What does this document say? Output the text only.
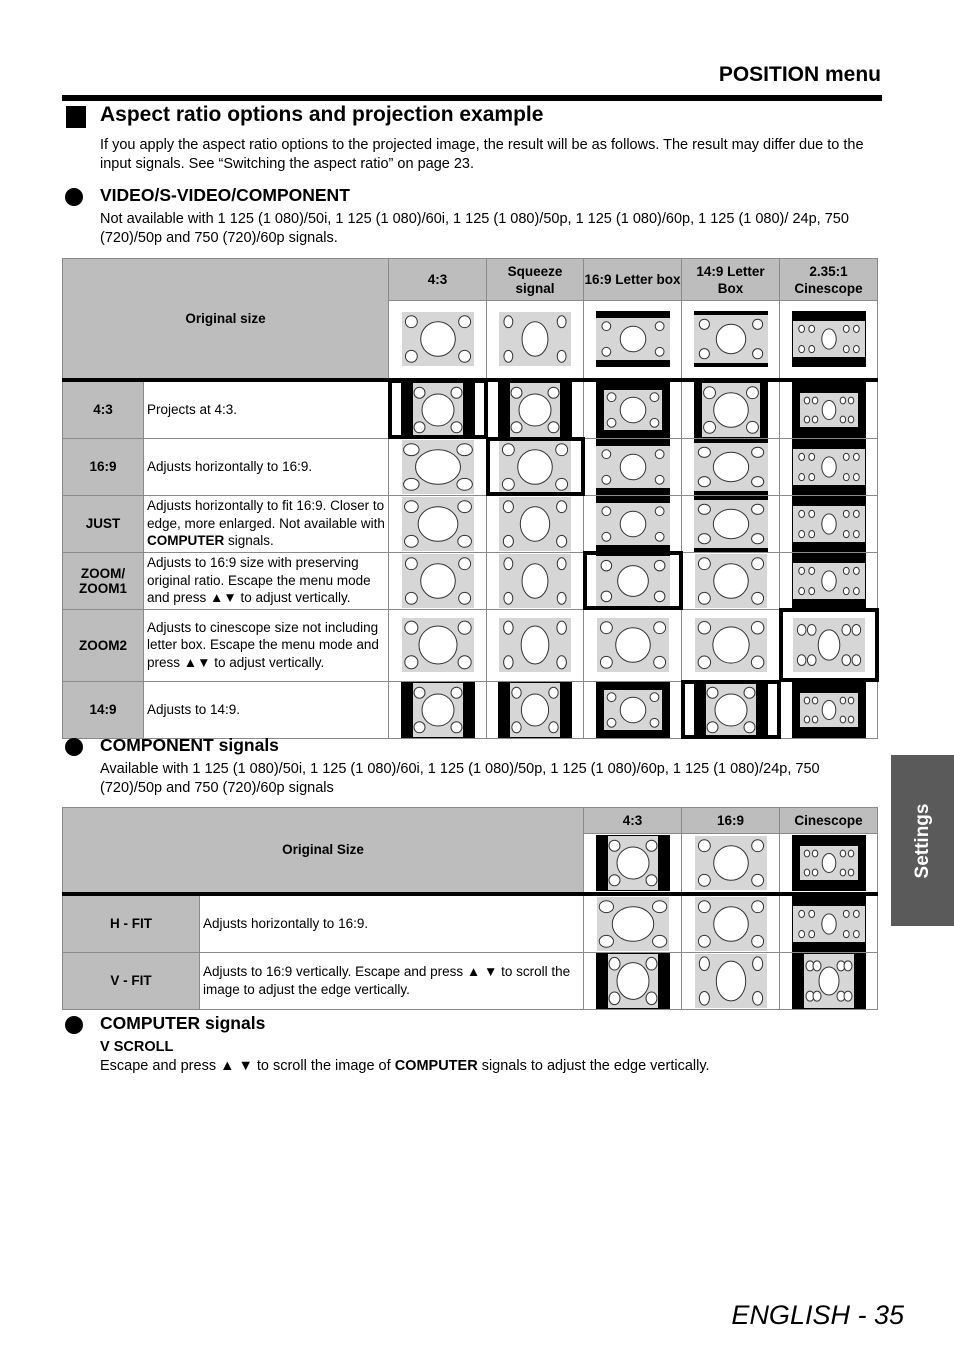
POSITION menu
Aspect ratio options and projection example
If you apply the aspect ratio options to the projected image, the result will be as follows. The result may differ due to the input signals. See “Switching the aspect ratio” on page 23.
VIDEO/S-VIDEO/COMPONENT
Not available with 1 125 (1 080)/50i, 1 125 (1 080)/60i, 1 125 (1 080)/50p, 1 125 (1 080)/60p, 1 125 (1 080)/ 24p, 750 (720)/50p and 750 (720)/60p signals.
Original size		4:3	Squeeze signal	16:9 Letter box	14:9 Letter Box	2.35:1 Cinescope

4:3	Projects at 4:3.	

16:9	Adjusts horizontally to 16:9.	

JUST	Adjusts horizontally to fit 16:9. Closer to edge, more enlarged. Not available with COMPUTER signals.	

ZOOM/
ZOOM1	Adjusts to 16:9 size with preserving original ratio. Escape the menu mode and press ▲▼ to adjust vertically.	

ZOOM2	Adjusts to cinescope size not including letter box. Escape the menu mode and press ▲▼ to adjust vertically.	

14:9	Adjusts to 14:9.	

COMPONENT signals
Available with 1 125 (1 080)/50i, 1 125 (1 080)/60i, 1 125 (1 080)/50p, 1 125 (1 080)/60p, 1 125 (1 080)/24p, 750 (720)/50p and 750 (720)/60p signals
Original Size		4:3	16:9	Cinescope

H - FIT	Adjusts horizontally to 16:9.	

V - FIT	Adjusts to 16:9 vertically. Escape and press ▲ ▼ to scroll the image to adjust the edge vertically.	

COMPUTER signals
V SCROLL
Escape and press ▲ ▼ to scroll the image of COMPUTER signals to adjust the edge vertically.
Settings
ENGLISH - 35
